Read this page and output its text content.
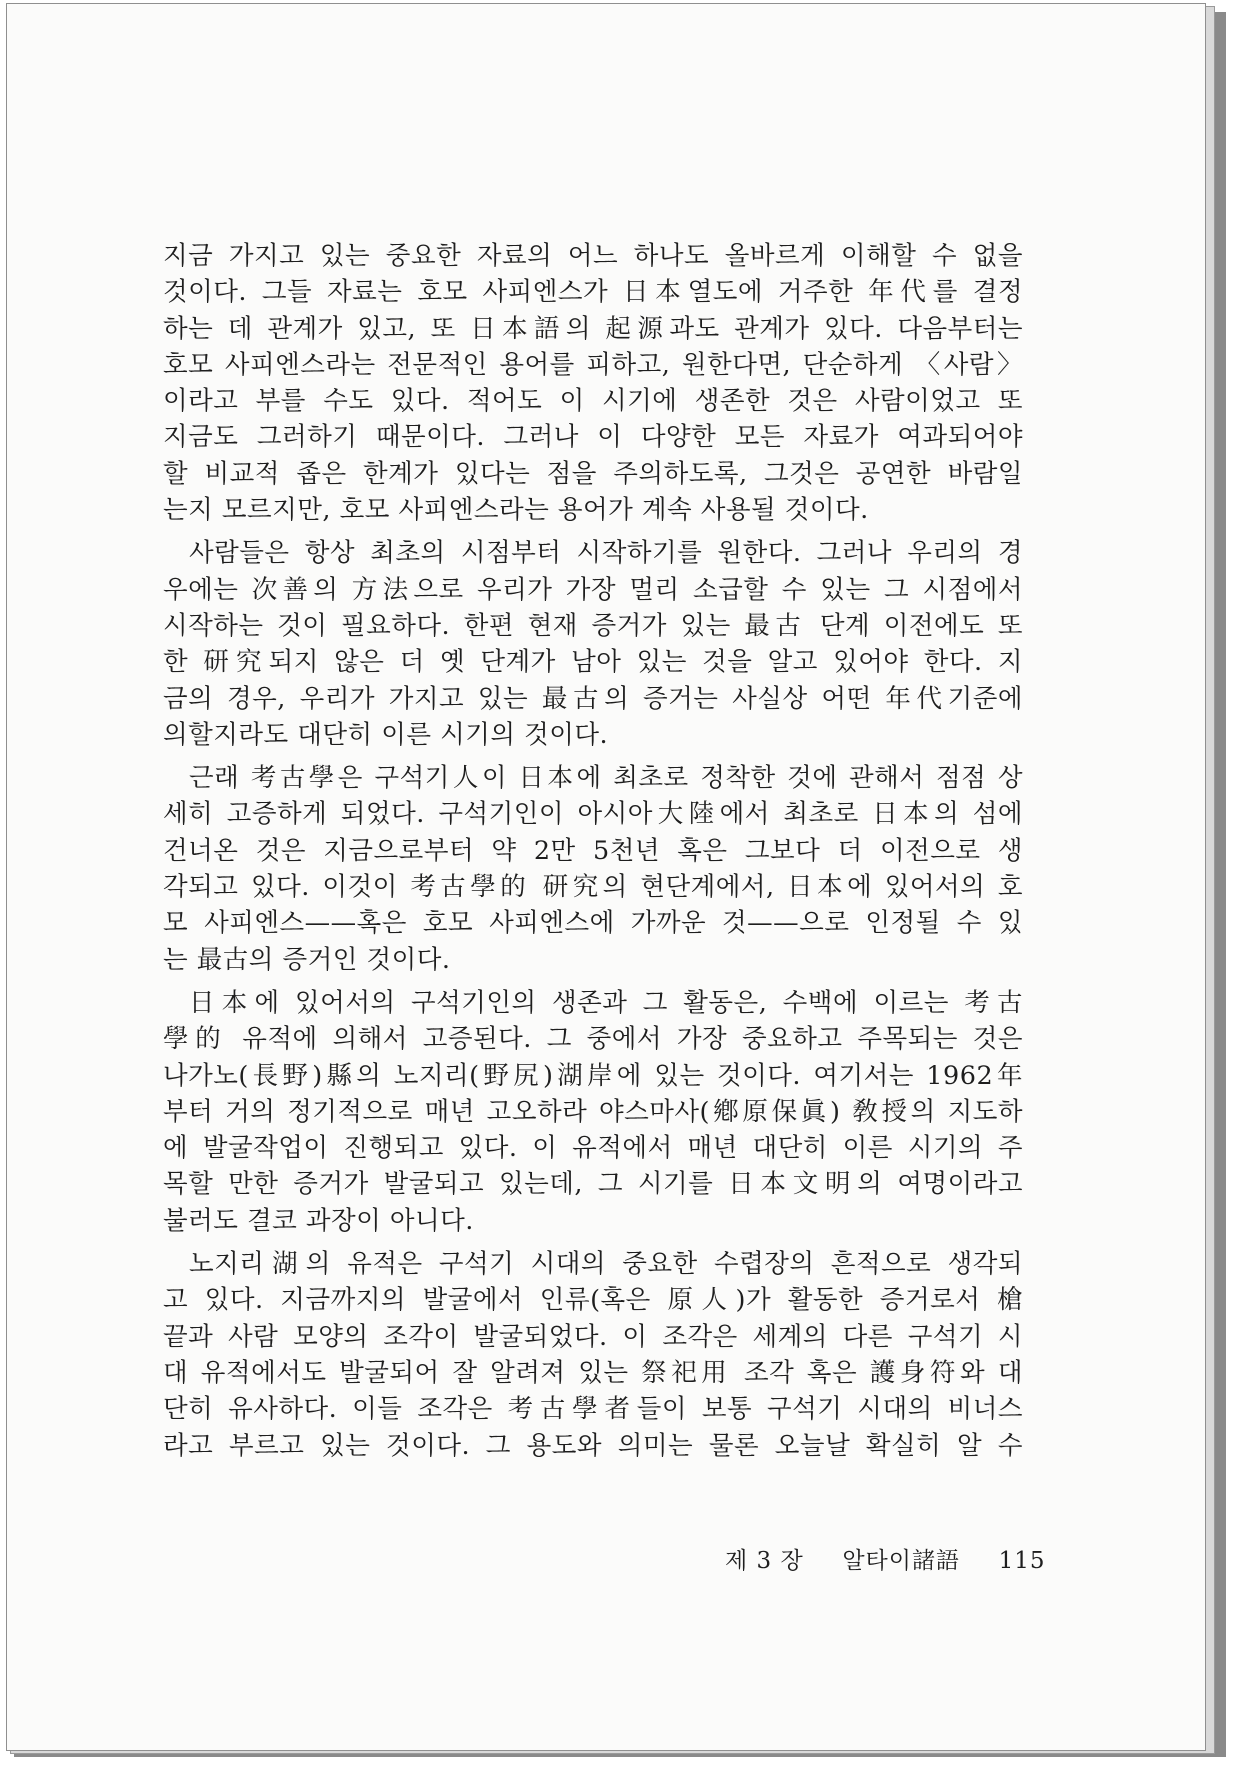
지금 가지고 있는 중요한 자료의 어느 하나도 올바르게 이해할 수 없을
것이다. 그들 자료는 호모 사피엔스가 日本열도에 거주한 年代를 결정
하는 데 관계가 있고, 또 日本語의 起源과도 관계가 있다. 다음부터는
호모 사피엔스라는 전문적인 용어를 피하고, 원한다면, 단순하게 〈사람〉
이라고 부를 수도 있다. 적어도 이 시기에 생존한 것은 사람이었고 또
지금도 그러하기 때문이다. 그러나 이 다양한 모든 자료가 여과되어야
할 비교적 좁은 한계가 있다는 점을 주의하도록, 그것은 공연한 바람일
는지 모르지만, 호모 사피엔스라는 용어가 계속 사용될 것이다.
사람들은 항상 최초의 시점부터 시작하기를 원한다. 그러나 우리의 경
우에는 次善의 方法으로 우리가 가장 멀리 소급할 수 있는 그 시점에서
시작하는 것이 필요하다. 한편 현재 증거가 있는 最古 단계 이전에도 또
한 研究되지 않은 더 옛 단계가 남아 있는 것을 알고 있어야 한다. 지
금의 경우, 우리가 가지고 있는 最古의 증거는 사실상 어떤 年代기준에
의할지라도 대단히 이른 시기의 것이다.
근래 考古學은 구석기人이 日本에 최초로 정착한 것에 관해서 점점 상
세히 고증하게 되었다. 구석기인이 아시아大陸에서 최초로 日本의 섬에
건너온 것은 지금으로부터 약 2만 5천년 혹은 그보다 더 이전으로 생
각되고 있다. 이것이 考古學的 研究의 현단계에서, 日本에 있어서의 호
모 사피엔스——혹은 호모 사피엔스에 가까운 것——으로 인정될 수 있
는 最古의 증거인 것이다.
日本에 있어서의 구석기인의 생존과 그 활동은, 수백에 이르는 考古
學的 유적에 의해서 고증된다. 그 중에서 가장 중요하고 주목되는 것은
나가노(長野)縣의 노지리(野尻)湖岸에 있는 것이다. 여기서는 1962年
부터 거의 정기적으로 매년 고오하라 야스마사(鄕原保眞) 敎授의 지도하
에 발굴작업이 진행되고 있다. 이 유적에서 매년 대단히 이른 시기의 주
목할 만한 증거가 발굴되고 있는데, 그 시기를 日本文明의 여명이라고
불러도 결코 과장이 아니다.
노지리湖의 유적은 구석기 시대의 중요한 수렵장의 흔적으로 생각되
고 있다. 지금까지의 발굴에서 인류(혹은 原人)가 활동한 증거로서 槍
끝과 사람 모양의 조각이 발굴되었다. 이 조각은 세계의 다른 구석기 시
대 유적에서도 발굴되어 잘 알려져 있는 祭祀用 조각 혹은 護身符와 대
단히 유사하다. 이들 조각은 考古學者들이 보통 구석기 시대의 비너스
라고 부르고 있는 것이다. 그 용도와 의미는 물론 오늘날 확실히 알 수
제 3 장 알타이諸語 115
